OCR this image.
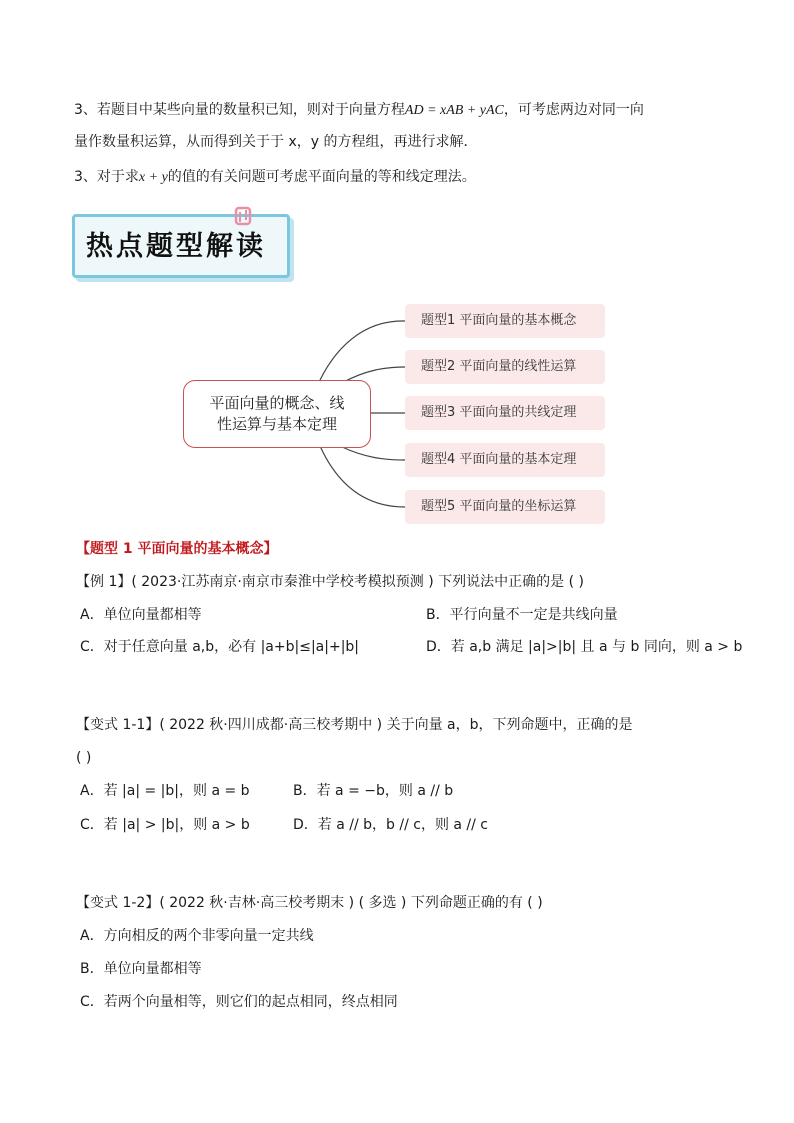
3、若题目中某些向量的数量积已知，则对于向量方程AD = xAB + yAC，可考虑两边对同一向
量作数量积运算，从而得到关于于 x，y 的方程组，再进行求解．
3、对于求x + y的值的有关问题可考虑平面向量的等和线定理法。
热点题型解读
平面向量的概念、线
性运算与基本定理
题型1 平面向量的基本概念
题型2 平面向量的线性运算
题型3 平面向量的共线定理
题型4 平面向量的基本定理
题型5 平面向量的坐标运算
【题型 1 平面向量的基本概念】
【例 1】( 2023·江苏南京·南京市秦淮中学校考模拟预测 ) 下列说法中正确的是 ( )
A．单位向量都相等	B．平行向量不一定是共线向量
C．对于任意向量 a,b，必有 |a+b|≤|a|+|b|	D．若 a,b 满足 |a|>|b| 且 a 与 b 同向，则 a > b
【变式 1-1】( 2022 秋·四川成都·高三校考期中 ) 关于向量 a，b，下列命题中，正确的是
( )
A．若 |a| = |b|，则 a = b	B．若 a = −b，则 a // b
C．若 |a| > |b|，则 a > b	D．若 a // b，b // c，则 a // c
【变式 1-2】( 2022 秋·吉林·高三校考期末 ) ( 多选 ) 下列命题正确的有 ( )
A．方向相反的两个非零向量一定共线
B．单位向量都相等
C．若两个向量相等，则它们的起点相同，终点相同
